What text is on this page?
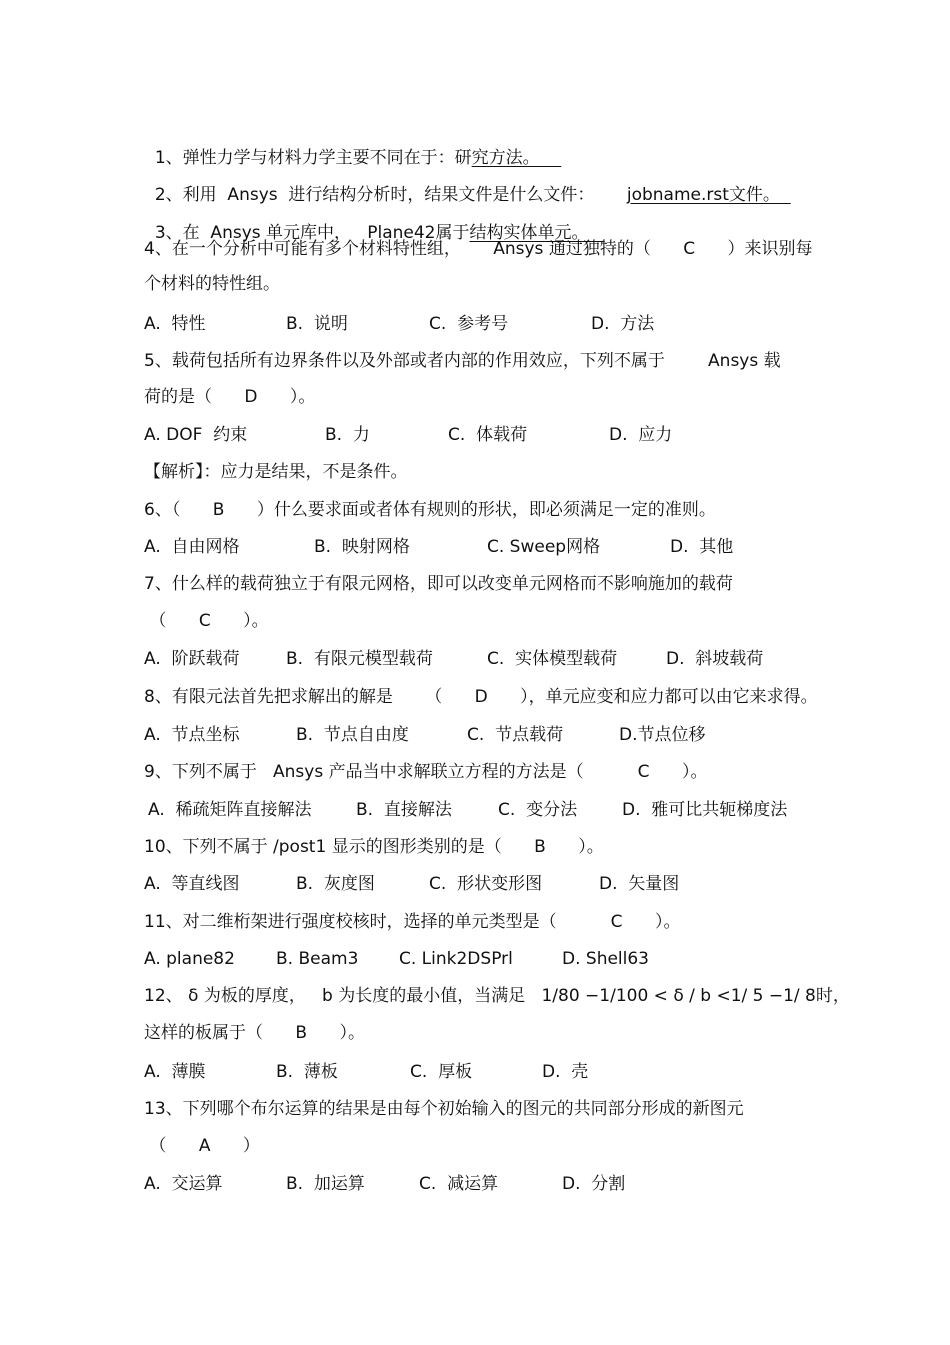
1、弹性力学与材料力学主要不同在于：研究方法。

2、利用  Ansys  进行结构分析时，结果文件是什么文件：      jobname.rst文件。

3、在  Ansys 单元库中，   Plane42属于结构实体单元。

4、在一个分析中可能有多个材料特性组，      Ansys 通过独特的（      C      ）来识别每
个材料的特性组。

A.  特性

	B.  说明

	C.  参考号

	D.  方法

5、载荷包括所有边界条件以及外部或者内部的作用效应，下列不属于        Ansys 载
荷的是（      D      ）。

A. DOF  约束

	B.  力

	C.  体载荷

	D.  应力

【解析】：应力是结果，不是条件。
6、（      B      ）什么要求面或者体有规则的形状，即必须满足一定的准则。

A.  自由网格

	B.  映射网格

	C. Sweep网格

	D.  其他

7、什么样的载荷独立于有限元网格，即可以改变单元网格而不影响施加的载荷
（      C      ）。

A.  阶跃载荷

	B.  有限元模型载荷

	C.  实体模型载荷

	D.  斜坡载荷

8、有限元法首先把求解出的解是      （      D      ），单元应变和应力都可以由它来求得。

A.  节点坐标

	B.  节点自由度

	C.  节点载荷

	D.节点位移

9、下列不属于   Ansys 产品当中求解联立方程的方法是（          C      ）。

A.  稀疏矩阵直接解法

	B.  直接解法

	C.  变分法

	D.  雅可比共轭梯度法

10、下列不属于 /post1 显示的图形类别的是（      B      ）。

A.  等直线图

	B.  灰度图

	C.  形状变形图

	D.  矢量图

11、对二维桁架进行强度校核时，选择的单元类型是（          C      ）。

A. plane82

B. Beam3

C. Link2DSPrl

	D. Shell63

12、 δ 为板的厚度，   b 为长度的最小值，当满足   1/80 −1/100 < δ / b <1/ 5 −1/ 8时，
这样的板属于（      B      ）。

A.  薄膜

	B.  薄板

	C.  厚板

	D.  壳

13、下列哪个布尔运算的结果是由每个初始输入的图元的共同部分形成的新图元
（      A      ）

A.  交运算

	B.  加运算

	C.  减运算

	D.  分割
